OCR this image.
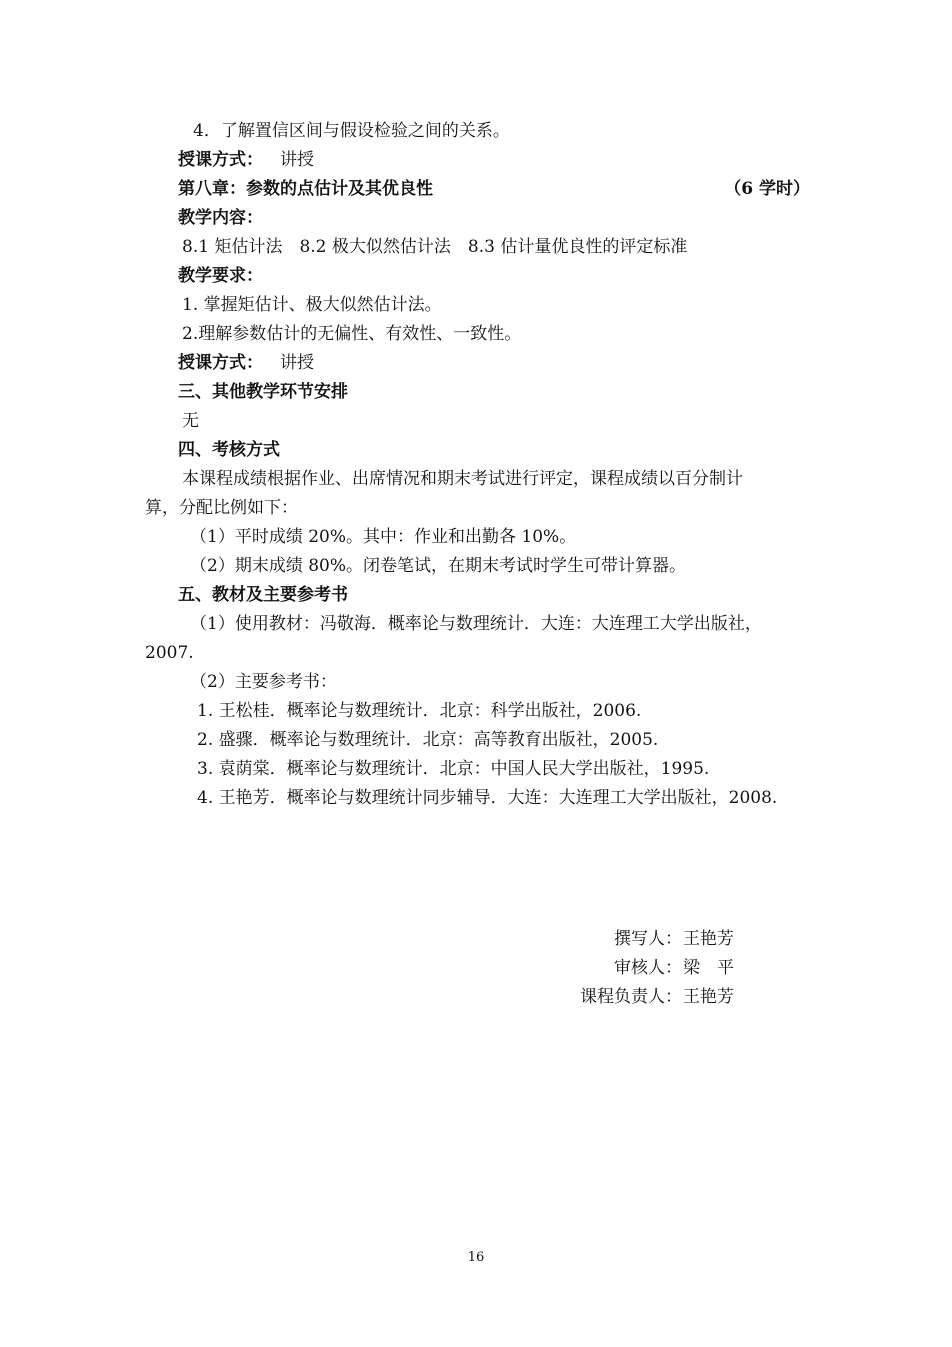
4．了解置信区间与假设检验之间的关系。
授课方式： 讲授
第八章：参数的点估计及其优良性	（6 学时）
教学内容：
8.1 矩估计法　8.2 极大似然估计法　8.3 估计量优良性的评定标准
教学要求：
1. 掌握矩估计、极大似然估计法。
2.理解参数估计的无偏性、有效性、一致性。
授课方式： 讲授
三、其他教学环节安排
无
四、考核方式
本课程成绩根据作业、出席情况和期末考试进行评定，课程成绩以百分制计
算，分配比例如下：
（1）平时成绩 20%。其中：作业和出勤各 10%。
（2）期末成绩 80%。闭卷笔试，在期末考试时学生可带计算器。
五、教材及主要参考书
（1）使用教材：冯敬海．概率论与数理统计．大连：大连理工大学出版社，
2007.
（2）主要参考书：
1. 王松桂．概率论与数理统计．北京：科学出版社，2006.
2. 盛骤．概率论与数理统计．北京：高等教育出版社，2005.
3. 袁荫棠．概率论与数理统计．北京：中国人民大学出版社，1995.
4. 王艳芳．概率论与数理统计同步辅导．大连：大连理工大学出版社，2008.
撰写人： 王艳芳
审核人： 梁　平
课程负责人： 王艳芳
16
